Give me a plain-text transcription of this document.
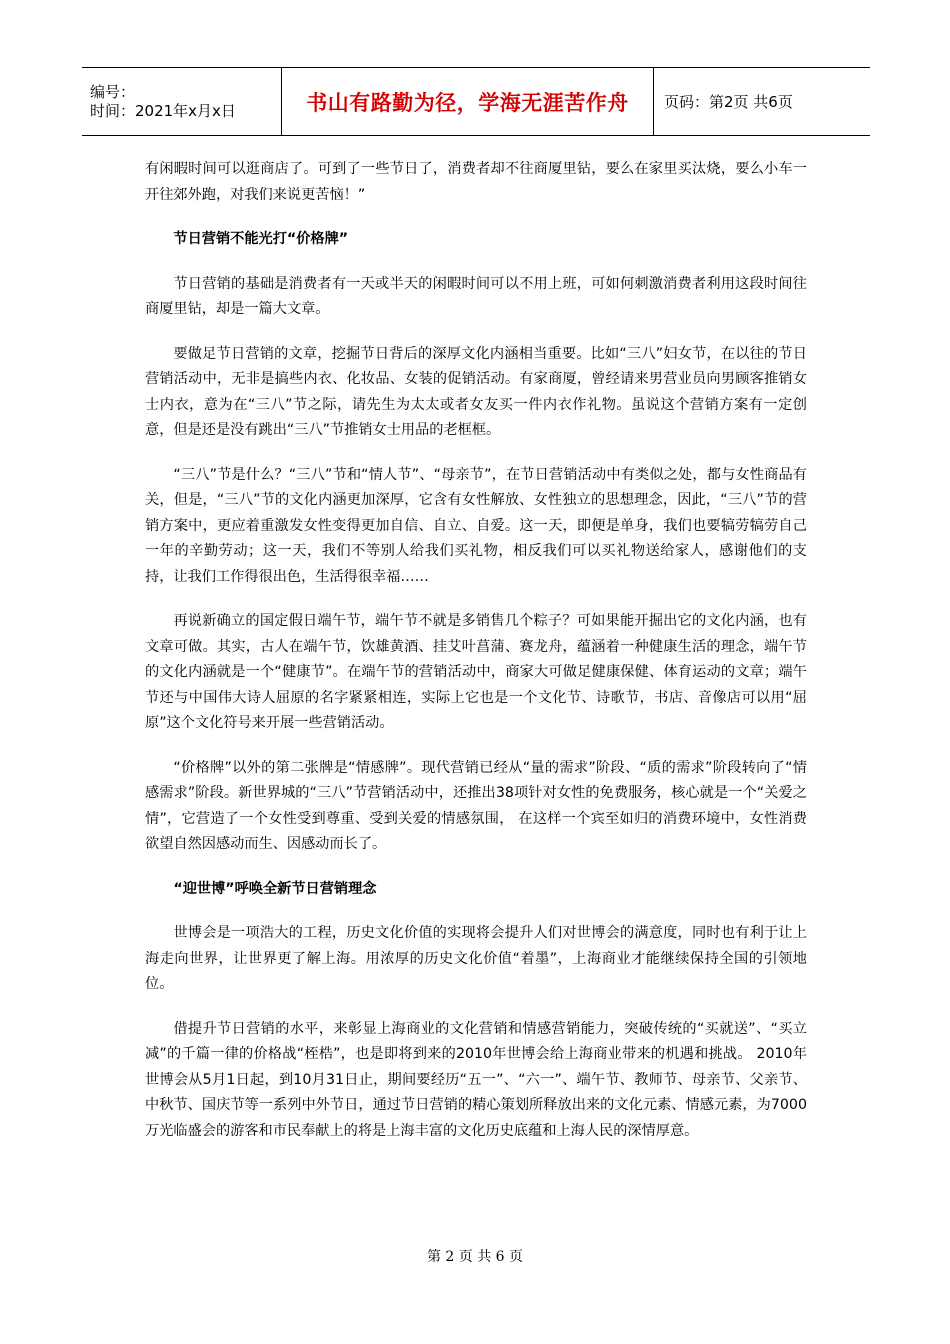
编号：
时间：2021年x月x日	书山有路勤为径，学海无涯苦作舟 页码：第2页 共6页

有闲暇时间可以逛商店了。可到了一些节日了，消费者却不往商厦里钻，要么在家里买汰烧，要么小车一开往郊外跑，对我们来说更苦恼！”

节日营销不能光打“价格牌”

节日营销的基础是消费者有一天或半天的闲暇时间可以不用上班，可如何刺激消费者利用这段时间往商厦里钻，却是一篇大文章。

要做足节日营销的文章，挖掘节日背后的深厚文化内涵相当重要。比如“三八”妇女节，在以往的节日营销活动中，无非是搞些内衣、化妆品、女装的促销活动。有家商厦，曾经请来男营业员向男顾客推销女士内衣，意为在“三八”节之际，请先生为太太或者女友买一件内衣作礼物。虽说这个营销方案有一定创意，但是还是没有跳出“三八”节推销女士用品的老框框。

“三八”节是什么？“三八”节和“情人节”、“母亲节”，在节日营销活动中有类似之处，都与女性商品有关，但是，“三八”节的文化内涵更加深厚，它含有女性解放、女性独立的思想理念，因此，“三八”节的营销方案中，更应着重激发女性变得更加自信、自立、自爱。这一天，即便是单身，我们也要犒劳犒劳自己一年的辛勤劳动；这一天，我们不等别人给我们买礼物，相反我们可以买礼物送给家人，感谢他们的支持，让我们工作得很出色，生活得很幸福……

再说新确立的国定假日端午节，端午节不就是多销售几个粽子？可如果能开掘出它的文化内涵，也有文章可做。其实，古人在端午节，饮雄黄酒、挂艾叶菖蒲、赛龙舟，蕴涵着一种健康生活的理念，端午节的文化内涵就是一个“健康节”。在端午节的营销活动中，商家大可做足健康保健、体育运动的文章；端午节还与中国伟大诗人屈原的名字紧紧相连，实际上它也是一个文化节、诗歌节，书店、音像店可以用“屈原”这个文化符号来开展一些营销活动。

“价格牌”以外的第二张牌是“情感牌”。现代营销已经从“量的需求”阶段、“质的需求”阶段转向了“情感需求”阶段。新世界城的“三八”节营销活动中，还推出38项针对女性的免费服务，核心就是一个“关爱之情”，它营造了一个女性受到尊重、受到关爱的情感氛围， 在这样一个宾至如归的消费环境中，女性消费欲望自然因感动而生、因感动而长了。

“迎世博”呼唤全新节日营销理念

世博会是一项浩大的工程，历史文化价值的实现将会提升人们对世博会的满意度，同时也有利于让上海走向世界，让世界更了解上海。用浓厚的历史文化价值“着墨”，上海商业才能继续保持全国的引领地位。

借提升节日营销的水平，来彰显上海商业的文化营销和情感营销能力，突破传统的“买就送”、“买立减”的千篇一律的价格战“桎梏”，也是即将到来的2010年世博会给上海商业带来的机遇和挑战。 2010年世博会从5月1日起，到10月31日止，期间要经历“五一”、“六一”、端午节、教师节、母亲节、父亲节、中秋节、国庆节等一系列中外节日，通过节日营销的精心策划所释放出来的文化元素、情感元素，为7000万光临盛会的游客和市民奉献上的将是上海丰富的文化历史底蕴和上海人民的深情厚意。

第 2 页 共 6 页
